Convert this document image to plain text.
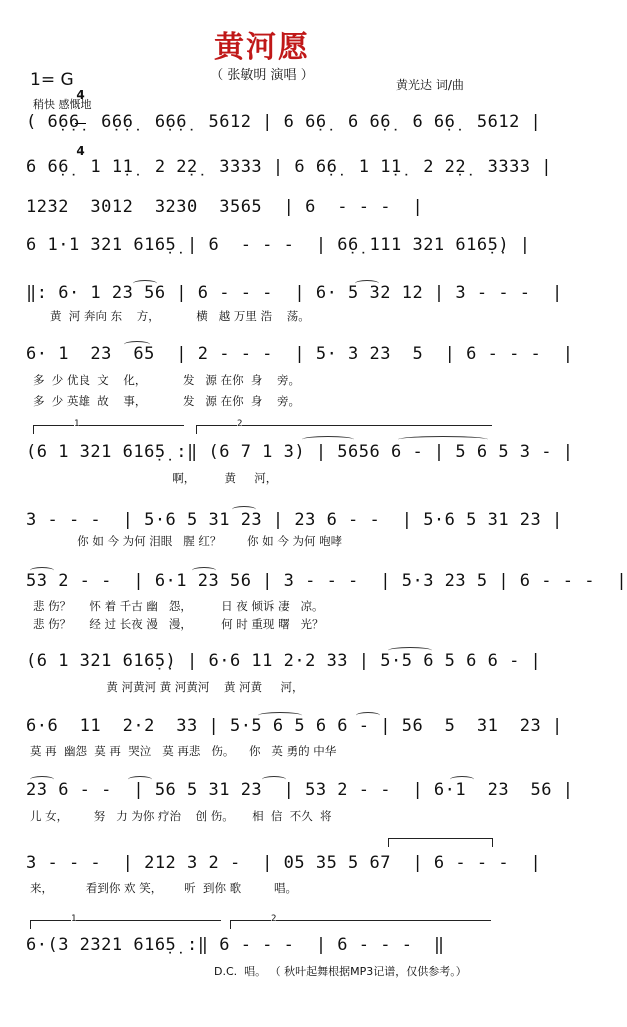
黄河愿
（ 张敏明 演唱 ）
1= G

4

4

黄光达 词/曲
稍快 感慨地
( 6̣6̣6̣  6̣6̣6̣  6̣6̣6̣  5612 | 6 6̣6̣  6 6̣6̣  6 6̣6̣  5612 |
6 6̣6̣  1 1̣1̣  2 2̣2̣  3333 | 6 6̣6̣  1 1̣1̣  2 2̣2̣  3333 |
1232  3012  3230  3565  | 6  - - -  |
6 1·1 321 616̣5̣ | 6  - - -  | 6̣6̣ 111 321 616̣5̣) |
‖: 6· 1 23 56 | 6 - - -  | 6· 5 32 12 | 3 - - -  |
黄  河 奔向 东    方，          横   越 万里 浩    荡。
6· 1  23  65  | 2 - - -  | 5· 3 23  5  | 6 - - -  |
多  少 优良  文    化，          发   源 在你  身    旁。
多  少 英雄  故    事，          发   源 在你  身    旁。
1	2
(6 1 321 616̣5̣ :‖ (6 7 1 3) | 5656 6 - | 5 6 5 3 - |
啊，        黄     河，
3 - - -  | 5·6 5 31 23 | 23 6 - -  | 5·6 5 31 23 |
你 如 今 为何 泪眼   腥 红？       你 如 今 为何 咆哮
53 2 - -  | 6·1 23 56 | 3 - - -  | 5·3 23 5 | 6 - - -  |
悲 伤？     怀 着 千古 幽   怨，        日 夜 倾诉 凄   凉。
悲 伤？     经 过 长夜 漫   漫，        何 时 重现 曙   光？
(6 1 321 616̣5̣) | 6·6 11 2·2 33 | 5·5 6 5 6 6 - |
黄 河黄河 黄 河黄河    黄 河黄     河，
6·6  11  2·2  33 | 5·5 6 5 6 6 - | 56  5  31  23 |
莫 再  幽怨  莫 再  哭泣   莫 再悲   伤。    你   英 勇的 中华
23 6 - -  | 56 5 31 23  | 53 2 - -  | 6·1  23  56 |
儿 女，       努   力 为你 疗治    创 伤。     相  信  不久  将
3 - - -  | 212 3 2 -  | 05 35 5 67  | 6 - - -  |
来，         看到你 欢 笑，      听  到你 歌         唱。
1	2
6·(3 2321 616̣5̣ :‖ 6 - - -  | 6 - - -  ‖
D.C.  唱。 （ 秋叶起舞根据MP3记谱，仅供参考。）
